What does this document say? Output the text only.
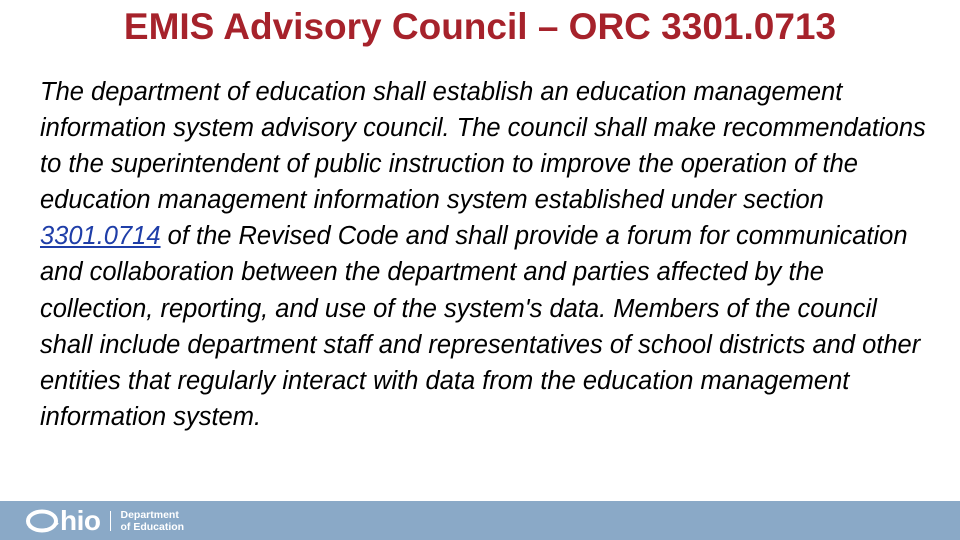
EMIS Advisory Council – ORC 3301.0713

The department of education shall establish an education management information system advisory council. The council shall make recommendations to the superintendent of public instruction to improve the operation of the education management information system established under section 3301.0714 of the Revised Code and shall provide a forum for communication and collaboration between the department and parties affected by the collection, reporting, and use of the system's data. Members of the council shall include department staff and representatives of school districts and other entities that regularly interact with data from the education management information system.

hio Department
of Education
